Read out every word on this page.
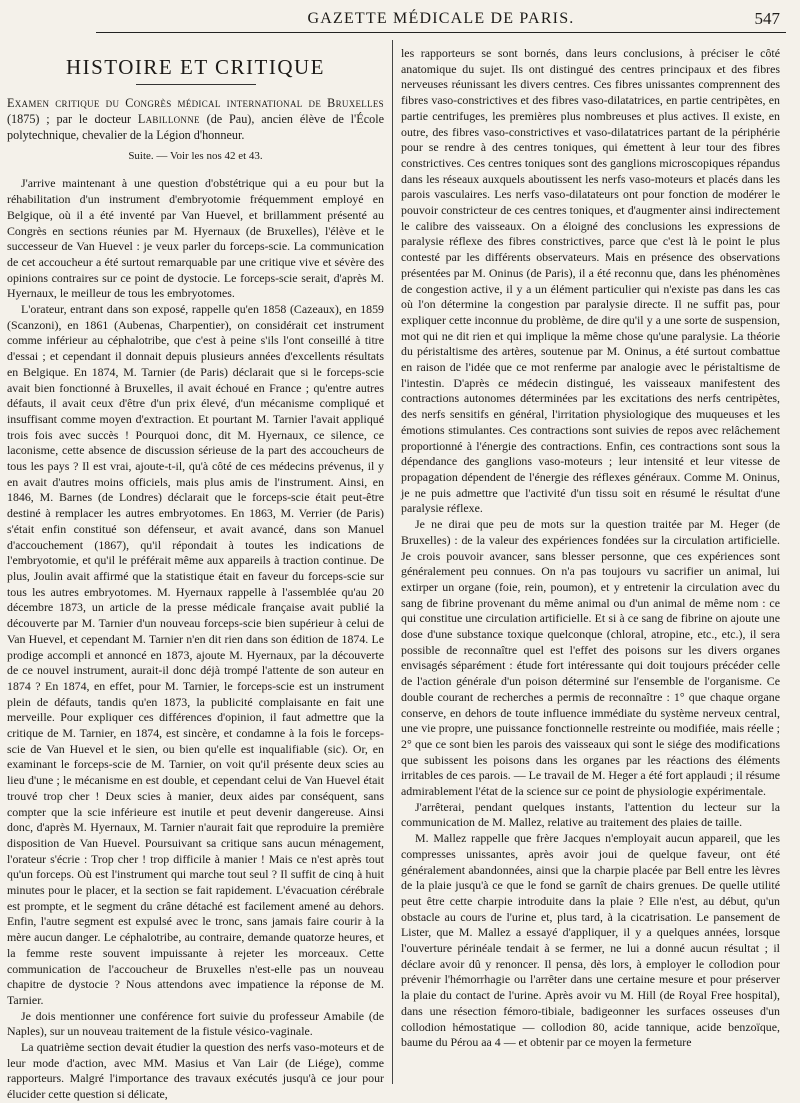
GAZETTE MÉDICALE DE PARIS.	547
HISTOIRE ET CRITIQUE

Examen critique du Congrès médical international de Bruxelles (1875) ; par le docteur Labillonne (de Pau), ancien élève de l'École polytechnique, chevalier de la Légion d'honneur.

Suite. — Voir les nos 42 et 43.

J'arrive maintenant à une question d'obstétrique qui a eu pour but la réhabilitation d'un instrument d'embryotomie fréquemment employé en Belgique, où il a été inventé par Van Huevel, et brillamment présenté au Congrès en sections réunies par M. Hyernaux (de Bruxelles), l'élève et le successeur de Van Huevel : je veux parler du forceps-scie. La communication de cet accoucheur a été surtout remarquable par une critique vive et sévère des opinions contraires sur ce point de dystocie. Le forceps-scie serait, d'après M. Hyernaux, le meilleur de tous les embryotomes.

L'orateur, entrant dans son exposé, rappelle qu'en 1858 (Cazeaux), en 1859 (Scanzoni), en 1861 (Aubenas, Charpentier), on considérait cet instrument comme inférieur au céphalotribe, que c'est à peine s'ils l'ont conseillé à titre d'essai ; et cependant il donnait depuis plusieurs années d'excellents résultats en Belgique. En 1874, M. Tarnier (de Paris) déclarait que si le forceps-scie avait bien fonctionné à Bruxelles, il avait échoué en France ; qu'entre autres défauts, il avait ceux d'être d'un prix élevé, d'un mécanisme compliqué et insuffisant comme moyen d'extraction. Et pourtant M. Tarnier l'avait appliqué trois fois avec succès ! Pourquoi donc, dit M. Hyernaux, ce silence, ce laconisme, cette absence de discussion sérieuse de la part des accoucheurs de tous les pays ? Il est vrai, ajoute-t-il, qu'à côté de ces médecins prévenus, il y en avait d'autres moins officiels, mais plus amis de l'instrument. Ainsi, en 1846, M. Barnes (de Londres) déclarait que le forceps-scie était peut-être destiné à remplacer les autres embryotomes. En 1863, M. Verrier (de Paris) s'était enfin constitué son défenseur, et avait avancé, dans son Manuel d'accouchement (1867), qu'il répondait à toutes les indications de l'embryotomie, et qu'il le préférait même aux appareils à traction continue. De plus, Joulin avait affirmé que la statistique était en faveur du forceps-scie sur tous les autres embryotomes. M. Hyernaux rappelle à l'assemblée qu'au 20 décembre 1873, un article de la presse médicale française avait publié la découverte par M. Tarnier d'un nouveau forceps-scie bien supérieur à celui de Van Huevel, et cependant M. Tarnier n'en dit rien dans son édition de 1874. Le prodige accompli et annoncé en 1873, ajoute M. Hyernaux, par la découverte de ce nouvel instrument, aurait-il donc déjà trompé l'attente de son auteur en 1874 ? En 1874, en effet, pour M. Tarnier, le forceps-scie est un instrument plein de défauts, tandis qu'en 1873, la publicité complaisante en fait une merveille. Pour expliquer ces différences d'opinion, il faut admettre que la critique de M. Tarnier, en 1874, est sincère, et condamne à la fois le forceps-scie de Van Huevel et le sien, ou bien qu'elle est inqualifiable (sic). Or, en examinant le forceps-scie de M. Tarnier, on voit qu'il présente deux scies au lieu d'une ; le mécanisme en est double, et cependant celui de Van Huevel était trouvé trop cher ! Deux scies à manier, deux aides par conséquent, sans compter que la scie inférieure est inutile et peut devenir dangereuse. Ainsi donc, d'après M. Hyernaux, M. Tarnier n'aurait fait que reproduire la première disposition de Van Huevel. Poursuivant sa critique sans aucun ménagement, l'orateur s'écrie : Trop cher ! trop difficile à manier ! Mais ce n'est après tout qu'un forceps. Où est l'instrument qui marche tout seul ? Il suffit de cinq à huit minutes pour le placer, et la section se fait rapidement. L'évacuation cérébrale est prompte, et le segment du crâne détaché est facilement amené au dehors. Enfin, l'autre segment est expulsé avec le tronc, sans jamais faire courir à la mère aucun danger. Le céphalotribe, au contraire, demande quatorze heures, et la femme reste souvent impuissante à rejeter les morceaux. Cette communication de l'accoucheur de Bruxelles n'est-elle pas un nouveau chapitre de dystocie ? Nous attendons avec impatience la réponse de M. Tarnier.

Je dois mentionner une conférence fort suivie du professeur Amabile (de Naples), sur un nouveau traitement de la fistule vésico-vaginale.

La quatrième section devait étudier la question des nerfs vaso-moteurs et de leur mode d'action, avec MM. Masius et Van Lair (de Liége), comme rapporteurs. Malgré l'importance des travaux exécutés jusqu'à ce jour pour élucider cette question si délicate,

les rapporteurs se sont bornés, dans leurs conclusions, à préciser le côté anatomique du sujet. Ils ont distingué des centres principaux et des fibres nerveuses réunissant les divers centres. Ces fibres unissantes comprennent des fibres vaso-constrictives et des fibres vaso-dilatatrices, en partie centripètes, en partie centrifuges, les premières plus nombreuses et plus actives. Il existe, en outre, des fibres vaso-constrictives et vaso-dilatatrices partant de la périphérie pour se rendre à des centres toniques, qui émettent à leur tour des fibres constrictives. Ces centres toniques sont des ganglions microscopiques répandus dans les réseaux auxquels aboutissent les nerfs vaso-moteurs et placés dans les parois vasculaires. Les nerfs vaso-dilatateurs ont pour fonction de modérer le pouvoir constricteur de ces centres toniques, et d'augmenter ainsi indirectement le calibre des vaisseaux. On a éloigné des conclusions les expressions de paralysie réflexe des fibres constrictives, parce que c'est là le point le plus contesté par les différents observateurs. Mais en présence des observations présentées par M. Oninus (de Paris), il a été reconnu que, dans les phénomènes de congestion active, il y a un élément particulier qui n'existe pas dans les cas où l'on détermine la congestion par paralysie directe. Il ne suffit pas, pour expliquer cette inconnue du problème, de dire qu'il y a une sorte de suspension, mot qui ne dit rien et qui implique la même chose qu'une paralysie. La théorie du péristaltisme des artères, soutenue par M. Oninus, a été surtout combattue en raison de l'idée que ce mot renferme par analogie avec le péristaltisme de l'intestin. D'après ce médecin distingué, les vaisseaux manifestent des contractions autonomes déterminées par les excitations des nerfs centripètes, des nerfs sensitifs en général, l'irritation physiologique des muqueuses et les émotions stimulantes. Ces contractions sont suivies de repos avec relâchement proportionné à l'énergie des contractions. Enfin, ces contractions sont sous la dépendance des ganglions vaso-moteurs ; leur intensité et leur vitesse de propagation dépendent de l'énergie des réflexes généraux. Comme M. Oninus, je ne puis admettre que l'activité d'un tissu soit en résumé le résultat d'une paralysie réflexe.

Je ne dirai que peu de mots sur la question traitée par M. Heger (de Bruxelles) : de la valeur des expériences fondées sur la circulation artificielle. Je crois pouvoir avancer, sans blesser personne, que ces expériences sont généralement peu connues. On n'a pas toujours vu sacrifier un animal, lui extirper un organe (foie, rein, poumon), et y entretenir la circulation avec du sang de fibrine provenant du même animal ou d'un animal de même nom : ce qui constitue une circulation artificielle. Et si à ce sang de fibrine on ajoute une dose d'une substance toxique quelconque (chloral, atropine, etc., etc.), il sera possible de reconnaître quel est l'effet des poisons sur les divers organes envisagés séparément : étude fort intéressante qui doit toujours précéder celle de l'action générale d'un poison déterminé sur l'ensemble de l'organisme. Ce double courant de recherches a permis de reconnaître : 1° que chaque organe conserve, en dehors de toute influence immédiate du système nerveux central, une vie propre, une puissance fonctionnelle restreinte ou modifiée, mais réelle ; 2° que ce sont bien les parois des vaisseaux qui sont le siége des modifications que subissent les poisons dans les organes par les réactions des éléments irritables de ces parois. — Le travail de M. Heger a été fort applaudi ; il résume admirablement l'état de la science sur ce point de physiologie expérimentale.

J'arrêterai, pendant quelques instants, l'attention du lecteur sur la communication de M. Mallez, relative au traitement des plaies de taille.

M. Mallez rappelle que frère Jacques n'employait aucun appareil, que les compresses unissantes, après avoir joui de quelque faveur, ont été généralement abandonnées, ainsi que la charpie placée par Bell entre les lèvres de la plaie jusqu'à ce que le fond se garnît de chairs grenues. De quelle utilité peut être cette charpie introduite dans la plaie ? Elle n'est, au début, qu'un obstacle au cours de l'urine et, plus tard, à la cicatrisation. Le pansement de Lister, que M. Mallez a essayé d'appliquer, il y a quelques années, lorsque l'ouverture périnéale tendait à se fermer, ne lui a donné aucun résultat ; il déclare avoir dû y renoncer. Il pensa, dès lors, à employer le collodion pour prévenir l'hémorrhagie ou l'arrêter dans une certaine mesure et pour préserver la plaie du contact de l'urine. Après avoir vu M. Hill (de Royal Free hospital), dans une résection fémoro-tibiale, badigeonner les surfaces osseuses d'un collodion hémostatique — collodion 80, acide tannique, acide benzoïque, baume du Pérou aa 4 — et obtenir par ce moyen la fermeture
